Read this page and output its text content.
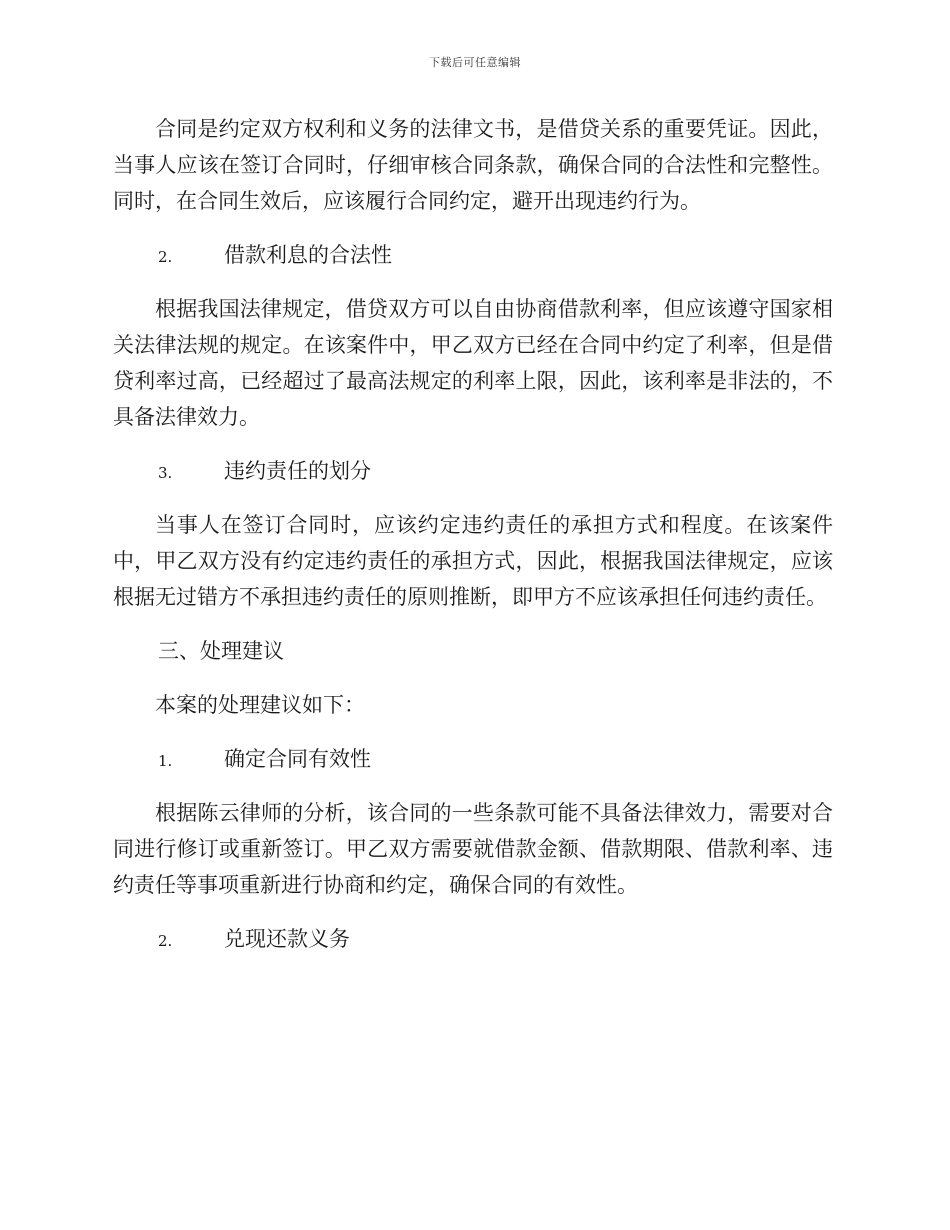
下载后可任意编辑

合同是约定双方权利和义务的法律文书，是借贷关系的重要凭证。因此，当事人应该在签订合同时，仔细审核合同条款，确保合同的合法性和完整性。同时，在合同生效后，应该履行合同约定，避开出现违约行为。

2.	借款利息的合法性

根据我国法律规定，借贷双方可以自由协商借款利率，但应该遵守国家相关法律法规的规定。在该案件中，甲乙双方已经在合同中约定了利率，但是借贷利率过高，已经超过了最高法规定的利率上限，因此，该利率是非法的，不具备法律效力。

3.	违约责任的划分

当事人在签订合同时，应该约定违约责任的承担方式和程度。在该案件中，甲乙双方没有约定违约责任的承担方式，因此，根据我国法律规定，应该根据无过错方不承担违约责任的原则推断，即甲方不应该承担任何违约责任。

三、处理建议

本案的处理建议如下：

1.	确定合同有效性

根据陈云律师的分析，该合同的一些条款可能不具备法律效力，需要对合同进行修订或重新签订。甲乙双方需要就借款金额、借款期限、借款利率、违约责任等事项重新进行协商和约定，确保合同的有效性。

2.	兑现还款义务
